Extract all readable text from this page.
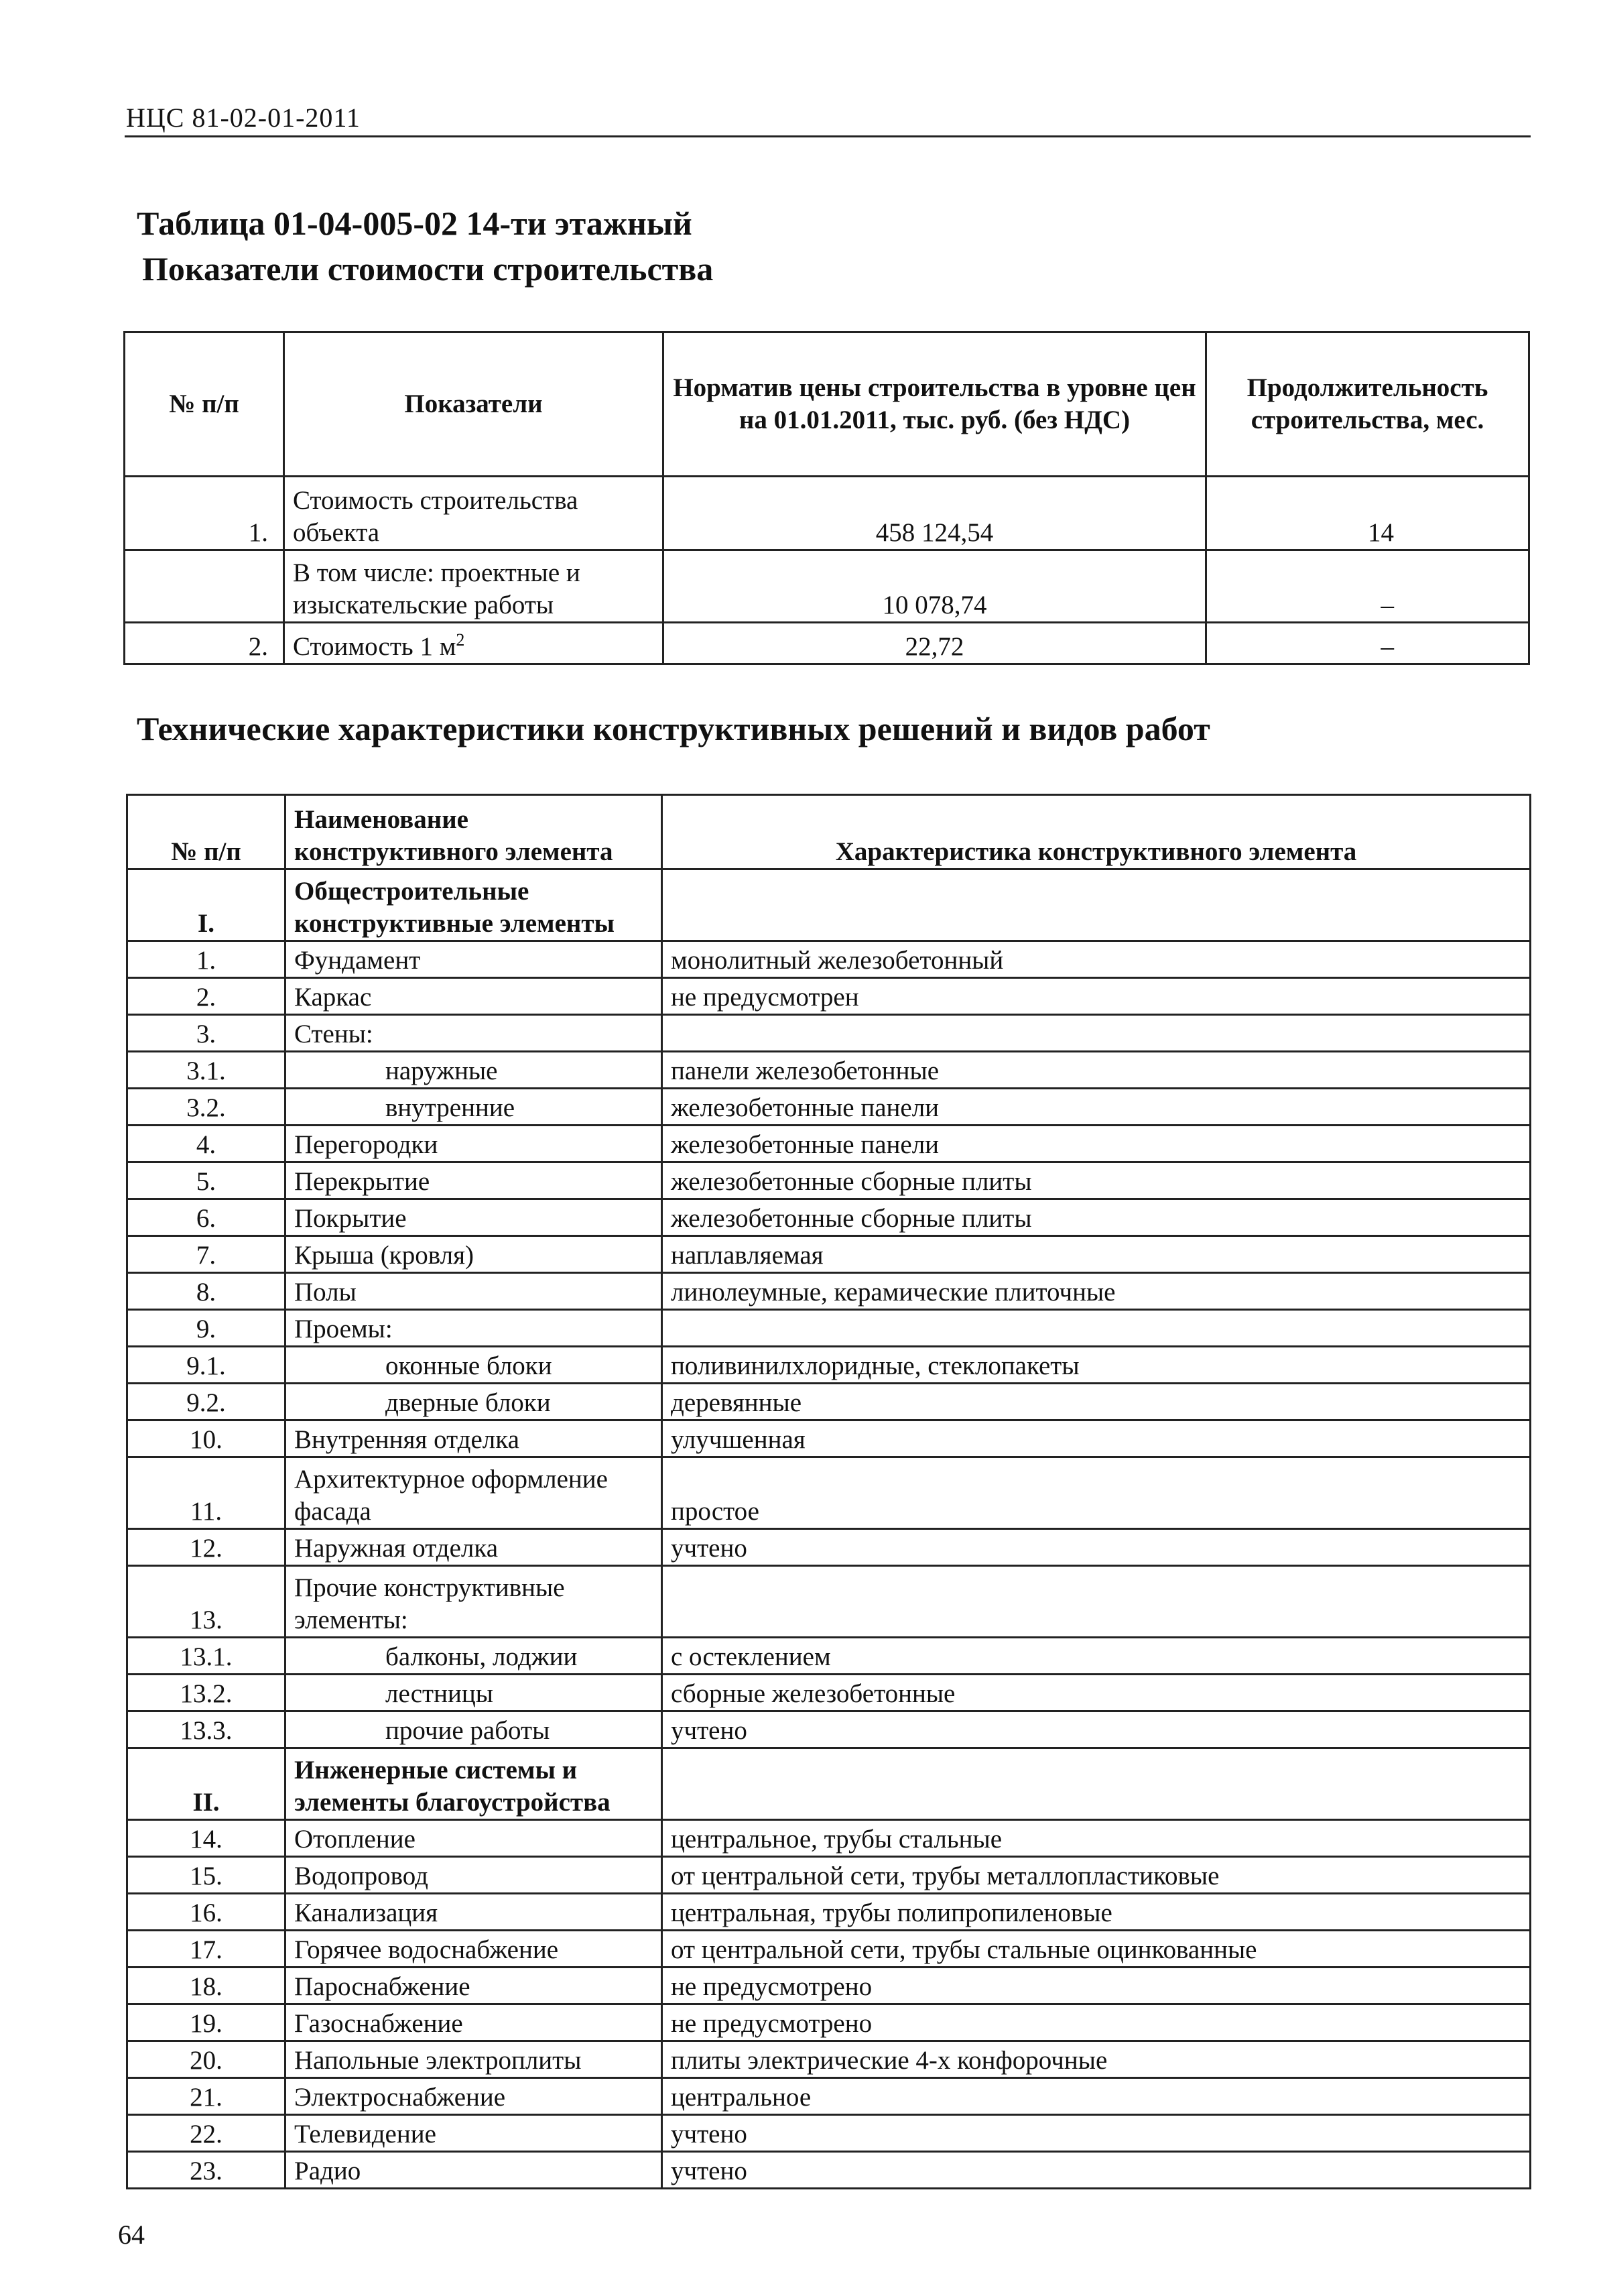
НЦС 81-02-01-2011
Таблица 01-04-005-02 14-ти этажный
Показатели стоимости строительства
№ п/п	Показатели	Норматив цены строительства в уровне цен на 01.01.2011, тыс. руб. (без НДС)	Продолжительность строительства, мес.
1.	Стоимость строительства объекта	458 124,54	14
	В том числе: проектные и изыскательские работы	10 078,74	–
2.	Стоимость 1 $м^2$	22,72	–
Технические характеристики конструктивных решений и видов работ
№ п/п	Наименование конструктивного элемента	Характеристика конструктивного элемента
I.	Общестроительные конструктивные элементы	
1.	Фундамент	монолитный железобетонный
2.	Каркас	не предусмотрен
3.	Стены:	
3.1.	наружные	панели железобетонные
3.2.	внутренние	железобетонные панели
4.	Перегородки	железобетонные панели
5.	Перекрытие	железобетонные сборные плиты
6.	Покрытие	железобетонные сборные плиты
7.	Крыша (кровля)	наплавляемая
8.	Полы	линолеумные, керамические плиточные
9.	Проемы:	
9.1.	оконные блоки	поливинилхлоридные, стеклопакеты
9.2.	дверные блоки	деревянные
10.	Внутренняя отделка	улучшенная
11.	Архитектурное оформление фасада	простое
12.	Наружная отделка	учтено
13.	Прочие конструктивные элементы:	
13.1.	балконы, лоджии	с остеклением
13.2.	лестницы	сборные железобетонные
13.3.	прочие работы	учтено
II.	Инженерные системы и элементы благоустройства	
14.	Отопление	центральное, трубы стальные
15.	Водопровод	от центральной сети, трубы металлопластиковые
16.	Канализация	центральная, трубы полипропиленовые
17.	Горячее водоснабжение	от центральной сети, трубы стальные оцинкованные
18.	Пароснабжение	не предусмотрено
19.	Газоснабжение	не предусмотрено
20.	Напольные электроплиты	плиты электрические 4-х конфорочные
21.	Электроснабжение	центральное
22.	Телевидение	учтено
23.	Радио	учтено
64
